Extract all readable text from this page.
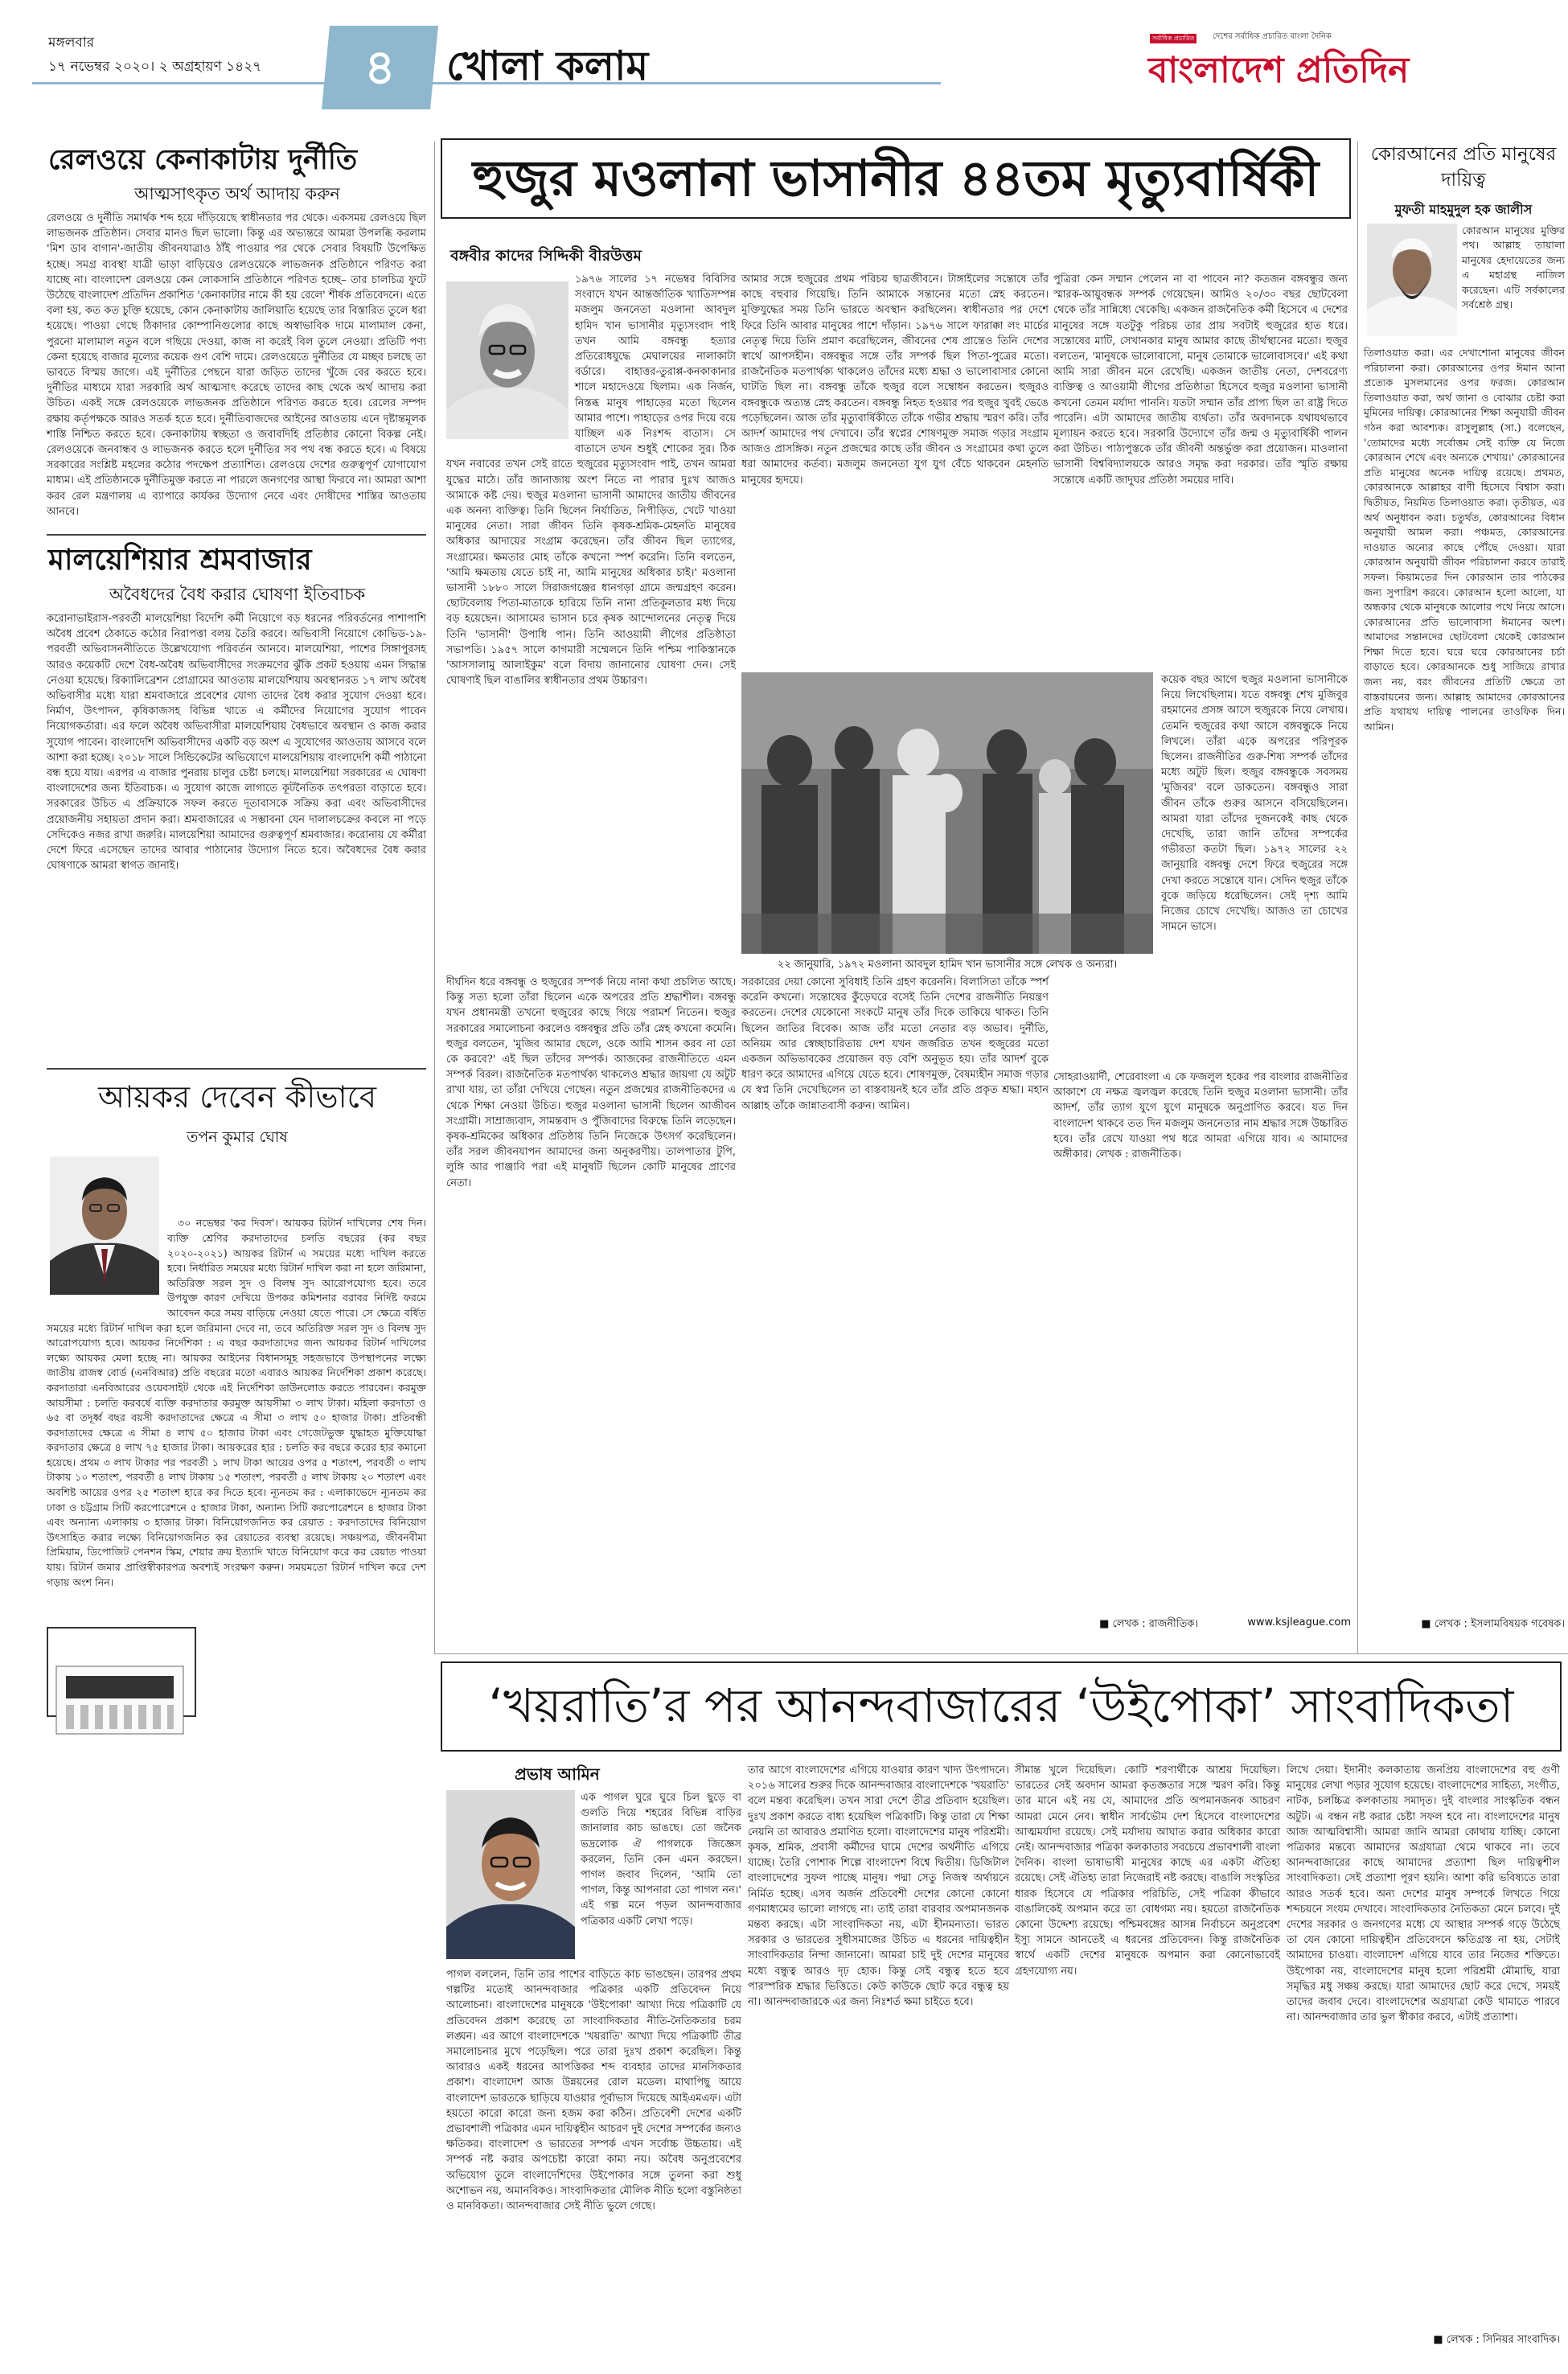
মঙ্গলবার
১৭ নভেম্বর ২০২০। ২ অগ্রহায়ণ ১৪২৭	৪	খোলা কলাম
সর্বাধিক প্রচারিত	দেশের সর্বাধিক প্রচারিত বাংলা দৈনিক
বাংলাদেশ প্রতিদিন
রেলওয়ে কেনাকাটায় দুর্নীতি
আত্মসাৎকৃত অর্থ আদায় করুন
রেলওয়ে ও দুর্নীতি সমার্থক শব্দ হয়ে দাঁড়িয়েছে স্বাধীনতার পর থেকে। একসময় রেলওয়ে ছিল লাভজনক প্রতিষ্ঠান। সেবার মানও ছিল ভালো। কিন্তু এর অভ্যন্তরে আমরা উপলব্ধি করলাম 'মিশ ডাব বাগান'-জাতীয় জীবনযাত্রাও ঠাঁই পাওয়ার পর থেকে সেবার বিষয়টি উপেক্ষিত হচ্ছে। সমগ্র ব্যবস্থা যাত্রী ভাড়া বাড়িয়েও রেলওয়েকে লাভজনক প্রতিষ্ঠানে পরিণত করা যাচ্ছে না। বাংলাদেশ রেলওয়ে কেন লোকসানি প্রতিষ্ঠানে পরিণত হচ্ছে– তার চালচিত্র ফুটে উঠেছে বাংলাদেশ প্রতিদিন প্রকাশিত 'কেনাকাটার নামে কী হয় রেলে' শীর্ষক প্রতিবেদনে। এতে বলা হয়, কত কত চুক্তি হয়েছে, কোন কেনাকাটায় জালিয়াতি হয়েছে তার বিস্তারিত তুলে ধরা হয়েছে। পাওয়া গেছে ঠিকাদার কোম্পানিগুলোর কাছে অস্বাভাবিক দামে মালামাল কেনা, পুরনো মালামাল নতুন বলে গছিয়ে দেওয়া, কাজ না করেই বিল তুলে নেওয়া। প্রতিটি পণ্য কেনা হয়েছে বাজার মূল্যের কয়েক গুণ বেশি দামে। রেলওয়েতে দুর্নীতির যে মচ্ছব চলছে তা ভাবতে বিস্ময় জাগে। এই দুর্নীতির পেছনে যারা জড়িত তাদের খুঁজে বের করতে হবে। দুর্নীতির মাধ্যমে যারা সরকারি অর্থ আত্মসাৎ করেছে তাদের কাছ থেকে অর্থ আদায় করা উচিত। একই সঙ্গে রেলওয়েকে লাভজনক প্রতিষ্ঠানে পরিণত করতে হবে। রেলের সম্পদ রক্ষায় কর্তৃপক্ষকে আরও সতর্ক হতে হবে। দুর্নীতিবাজদের আইনের আওতায় এনে দৃষ্টান্তমূলক শাস্তি নিশ্চিত করতে হবে। কেনাকাটায় স্বচ্ছতা ও জবাবদিহি প্রতিষ্ঠার কোনো বিকল্প নেই। রেলওয়েকে জনবান্ধব ও লাভজনক করতে হলে দুর্নীতির সব পথ বন্ধ করতে হবে। এ বিষয়ে সরকারের সংশ্লিষ্ট মহলের কঠোর পদক্ষেপ প্রত্যাশিত। রেলওয়ে দেশের গুরুত্বপূর্ণ যোগাযোগ মাধ্যম। এই প্রতিষ্ঠানকে দুর্নীতিমুক্ত করতে না পারলে জনগণের আস্থা ফিরবে না। আমরা আশা করব রেল মন্ত্রণালয় এ ব্যাপারে কার্যকর উদ্যোগ নেবে এবং দোষীদের শাস্তির আওতায় আনবে।
মালয়েশিয়ার শ্রমবাজার
অবৈধদের বৈধ করার ঘোষণা ইতিবাচক
করোনাভাইরাস-পরবর্তী মালয়েশিয়া বিদেশি কর্মী নিয়োগে বড় ধরনের পরিবর্তনের পাশাপাশি অবৈধ প্রবেশ ঠেকাতে কঠোর নিরাপত্তা বলয় তৈরি করবে। অভিবাসী নিয়োগে কোভিড-১৯-পরবর্তী অভিবাসননীতিতে উল্লেখযোগ্য পরিবর্তন আনবে। মালয়েশিয়া, পাশের সিঙ্গাপুরসহ আরও কয়েকটি দেশে বৈধ-অবৈধ অভিবাসীদের সংক্রমণের ঝুঁকি প্রকট হওয়ায় এমন সিদ্ধান্ত নেওয়া হয়েছে। রিক্যালিব্রেশন প্রোগ্রামের আওতায় মালয়েশিয়ায় অবস্থানরত ১৭ লাখ অবৈধ অভিবাসীর মধ্যে যারা শ্রমবাজারে প্রবেশের যোগ্য তাদের বৈধ করার সুযোগ দেওয়া হবে। নির্মাণ, উৎপাদন, কৃষিকাজসহ বিভিন্ন খাতে এ কর্মীদের নিয়োগের সুযোগ পাবেন নিয়োগকর্তারা। এর ফলে অবৈধ অভিবাসীরা মালয়েশিয়ায় বৈধভাবে অবস্থান ও কাজ করার সুযোগ পাবেন। বাংলাদেশি অভিবাসীদের একটি বড় অংশ এ সুযোগের আওতায় আসবে বলে আশা করা হচ্ছে। ২০১৮ সালে সিন্ডিকেটের অভিযোগে মালয়েশিয়ায় বাংলাদেশি কর্মী পাঠানো বন্ধ হয়ে যায়। এরপর এ বাজার পুনরায় চালুর চেষ্টা চলছে। মালয়েশিয়া সরকারের এ ঘোষণা বাংলাদেশের জন্য ইতিবাচক। এ সুযোগ কাজে লাগাতে কূটনৈতিক তৎপরতা বাড়াতে হবে। সরকারের উচিত এ প্রক্রিয়াকে সফল করতে দূতাবাসকে সক্রিয় করা এবং অভিবাসীদের প্রয়োজনীয় সহায়তা প্রদান করা। শ্রমবাজারের এ সম্ভাবনা যেন দালালচক্রের কবলে না পড়ে সেদিকেও নজর রাখা জরুরি। মালয়েশিয়া আমাদের গুরুত্বপূর্ণ শ্রমবাজার। করোনায় যে কর্মীরা দেশে ফিরে এসেছেন তাদের আবার পাঠানোর উদ্যোগ নিতে হবে। অবৈধদের বৈধ করার ঘোষণাকে আমরা স্বাগত জানাই।
আয়কর দেবেন কীভাবে
তপন কুমার ঘোষ

আয়কর ভবন

৩০ নভেম্বর 'কর দিবস'। আয়কর রিটার্ন দাখিলের শেষ দিন। ব্যক্তি শ্রেণির করদাতাদের চলতি বছরের (কর বছর ২০২০-২০২১) আয়কর রিটার্ন এ সময়ের মধ্যে দাখিল করতে হবে। নির্ধারিত সময়ের মধ্যে রিটার্ন দাখিল করা না হলে জরিমানা, অতিরিক্ত সরল সুদ ও বিলম্ব সুদ আরোপযোগ্য হবে। তবে উপযুক্ত কারণ দেখিয়ে উপকর কমিশনার বরাবর নির্দিষ্ট ফরমে আবেদন করে সময় বাড়িয়ে নেওয়া যেতে পারে। সে ক্ষেত্রে বর্ধিত সময়ের মধ্যে রিটার্ন দাখিল করা হলে জরিমানা দেবে না, তবে অতিরিক্ত সরল সুদ ও বিলম্ব সুদ আরোপযোগ্য হবে। আয়কর নির্দেশিকা : এ বছর করদাতাদের জন্য আয়কর রিটার্ন দাখিলের লক্ষ্যে আয়কর মেলা হচ্ছে না। আয়কর আইনের বিধানসমূহ সহজভাবে উপস্থাপনের লক্ষ্যে জাতীয় রাজস্ব বোর্ড (এনবিআর) প্রতি বছরের মতো এবারও আয়কর নির্দেশিকা প্রকাশ করেছে। করদাতারা এনবিআরের ওয়েবসাইট থেকে এই নির্দেশিকা ডাউনলোড করতে পারবেন। করমুক্ত আয়সীমা : চলতি করবর্ষে ব্যক্তি করদাতার করমুক্ত আয়সীমা ৩ লাখ টাকা। মহিলা করদাতা ও ৬৫ বা তদূর্ধ্ব বছর বয়সী করদাতাদের ক্ষেত্রে এ সীমা ৩ লাখ ৫০ হাজার টাকা। প্রতিবন্ধী করদাতাদের ক্ষেত্রে এ সীমা ৪ লাখ ৫০ হাজার টাকা এবং গেজেটভুক্ত যুদ্ধাহত মুক্তিযোদ্ধা করদাতার ক্ষেত্রে ৪ লাখ ৭৫ হাজার টাকা। আয়করের হার : চলতি কর বছরে করের হার কমানো হয়েছে। প্রথম ৩ লাখ টাকার পর পরবর্তী ১ লাখ টাকা আয়ের ওপর ৫ শতাংশ, পরবর্তী ৩ লাখ টাকায় ১০ শতাংশ, পরবর্তী ৪ লাখ টাকায় ১৫ শতাংশ, পরবর্তী ৫ লাখ টাকায় ২০ শতাংশ এবং অবশিষ্ট আয়ের ওপর ২৫ শতাংশ হারে কর দিতে হবে। ন্যূনতম কর : এলাকাভেদে ন্যূনতম কর ঢাকা ও চট্টগ্রাম সিটি করপোরেশনে ৫ হাজার টাকা, অন্যান্য সিটি করপোরেশনে ৪ হাজার টাকা এবং অন্যান্য এলাকায় ৩ হাজার টাকা। বিনিয়োগজনিত কর রেয়াত : করদাতাদের বিনিয়োগ উৎসাহিত করার লক্ষ্যে বিনিয়োগজনিত কর রেয়াতের ব্যবস্থা রয়েছে। সঞ্চয়পত্র, জীবনবীমা প্রিমিয়াম, ডিপোজিট পেনশন স্কিম, শেয়ার ক্রয় ইত্যাদি খাতে বিনিয়োগ করে কর রেয়াত পাওয়া যায়। রিটার্ন জমার প্রাপ্তিস্বীকারপত্র অবশ্যই সংরক্ষণ করুন। সময়মতো রিটার্ন দাখিল করে দেশ গড়ায় অংশ নিন।

হুজুর মওলানা ভাসানীর ৪৪তম মৃত্যুবার্ষিকী
বঙ্গবীর কাদের সিদ্দিকী বীরউত্তম
১৯৭৬ সালের ১৭ নভেম্বর বিবিসির সংবাদে যখন আন্তর্জাতিক খ্যাতিসম্পন্ন মজলুম জননেতা মওলানা আবদুল হামিদ খান ভাসানীর মৃত্যুসংবাদ পাই তখন আমি বঙ্গবন্ধু হত্যার প্রতিরোধযুদ্ধে মেঘালয়ের নালাকাটা বর্ডারে। বাহাত্তর-তুরাপ্প-কনকাকানার শালে মহাদেওয়ে ছিলাম। এক নির্জন, নিস্তব্ধ মানুষ পাহাড়ের মতো ছিলেন আমার পাশে। পাহাড়ের ওপর দিয়ে বয়ে যাচ্ছিল এক নিঃশব্দ বাতাস। সে বাতাসে তখন শুধুই শোকের সুর। ঠিক যখন নবাবের তখন সেই রাতে হুজুরের মৃত্যুসংবাদ পাই, তখন আমরা যুদ্ধের মাঠে। তাঁর জানাজায় অংশ নিতে না পারার দুঃখ আজও আমাকে কষ্ট দেয়। হুজুর মওলানা ভাসানী আমাদের জাতীয় জীবনের এক অনন্য ব্যক্তিত্ব। তিনি ছিলেন নির্যাতিত, নিপীড়িত, খেটে খাওয়া মানুষের নেতা। সারা জীবন তিনি কৃষক-শ্রমিক-মেহনতি মানুষের অধিকার আদায়ের সংগ্রাম করেছেন। তাঁর জীবন ছিল ত্যাগের, সংগ্রামের। ক্ষমতার মোহ তাঁকে কখনো স্পর্শ করেনি। তিনি বলতেন, 'আমি ক্ষমতায় যেতে চাই না, আমি মানুষের অধিকার চাই।' মওলানা ভাসানী ১৮৮০ সালে সিরাজগঞ্জের ধানগড়া গ্রামে জন্মগ্রহণ করেন। ছোটবেলায় পিতা-মাতাকে হারিয়ে তিনি নানা প্রতিকূলতার মধ্য দিয়ে বড় হয়েছেন। আসামের ভাসান চরে কৃষক আন্দোলনের নেতৃত্ব দিয়ে তিনি 'ভাসানী' উপাধি পান। তিনি আওয়ামী লীগের প্রতিষ্ঠাতা সভাপতি। ১৯৫৭ সালে কাগমারী সম্মেলনে তিনি পশ্চিম পাকিস্তানকে 'আসসালামু আলাইকুম' বলে বিদায় জানানোর ঘোষণা দেন। সেই ঘোষণাই ছিল বাঙালির স্বাধীনতার প্রথম উচ্চারণ।
আমার সঙ্গে হুজুরের প্রথম পরিচয় ছাত্রজীবনে। টাঙ্গাইলের সন্তোষে তাঁর কাছে বহুবার গিয়েছি। তিনি আমাকে সন্তানের মতো স্নেহ করতেন। মুক্তিযুদ্ধের সময় তিনি ভারতে অবস্থান করছিলেন। স্বাধীনতার পর দেশে ফিরে তিনি আবার মানুষের পাশে দাঁড়ান। ১৯৭৬ সালে ফারাক্কা লং মার্চের নেতৃত্ব দিয়ে তিনি প্রমাণ করেছিলেন, জীবনের শেষ প্রান্তেও তিনি দেশের স্বার্থে আপসহীন। বঙ্গবন্ধুর সঙ্গে তাঁর সম্পর্ক ছিল পিতা-পুত্রের মতো। রাজনৈতিক মতপার্থক্য থাকলেও তাঁদের মধ্যে শ্রদ্ধা ও ভালোবাসার কোনো ঘাটতি ছিল না। বঙ্গবন্ধু তাঁকে হুজুর বলে সম্বোধন করতেন। হুজুরও বঙ্গবন্ধুকে অত্যন্ত স্নেহ করতেন। বঙ্গবন্ধু নিহত হওয়ার পর হুজুর খুবই ভেঙে পড়েছিলেন। আজ তাঁর মৃত্যুবার্ষিকীতে তাঁকে গভীর শ্রদ্ধায় স্মরণ করি। তাঁর আদর্শ আমাদের পথ দেখাবে। তাঁর স্বপ্নের শোষণমুক্ত সমাজ গড়ার সংগ্রাম আজও প্রাসঙ্গিক। নতুন প্রজন্মের কাছে তাঁর জীবন ও সংগ্রামের কথা তুলে ধরা আমাদের কর্তব্য। মজলুম জননেতা যুগ যুগ বেঁচে থাকবেন মেহনতি মানুষের হৃদয়ে।
পুত্রিরা কেন সম্মান পেলেন না বা পাবেন না? কতজন বঙ্গবন্ধুর জন্য স্মারক-আয়ুবন্ধক সম্পর্ক গেয়েছেন। আমিও ২০/৩০ বছর ছোটবেলা থেকে তাঁর সান্নিধ্যে থেকেছি। একজন রাজনৈতিক কর্মী হিসেবে এ দেশের মানুষের সঙ্গে যতটুকু পরিচয় তার প্রায় সবটাই হুজুরের হাত ধরে। সন্তোষের মাটি, সেখানকার মানুষ আমার কাছে তীর্থস্থানের মতো। হুজুর বলতেন, 'মানুষকে ভালোবাসো, মানুষ তোমাকে ভালোবাসবে।' এই কথা আমি সারা জীবন মনে রেখেছি। একজন জাতীয় নেতা, দেশবরেণ্য ব্যক্তিত্ব ও আওয়ামী লীগের প্রতিষ্ঠাতা হিসেবে হুজুর মওলানা ভাসানী কখনো তেমন মর্যাদা পাননি। যতটা সম্মান তাঁর প্রাপ্য ছিল তা রাষ্ট্র দিতে পারেনি। এটা আমাদের জাতীয় ব্যর্থতা। তাঁর অবদানকে যথাযথভাবে মূল্যায়ন করতে হবে। সরকারি উদ্যোগে তাঁর জন্ম ও মৃত্যুবার্ষিকী পালন করা উচিত। পাঠ্যপুস্তকে তাঁর জীবনী অন্তর্ভুক্ত করা প্রয়োজন। মাওলানা ভাসানী বিশ্ববিদ্যালয়কে আরও সমৃদ্ধ করা দরকার। তাঁর স্মৃতি রক্ষায় সন্তোষে একটি জাদুঘর প্রতিষ্ঠা সময়ের দাবি।
২২ জানুয়ারি, ১৯৭২ মওলানা আবদুল হামিদ খান ভাসানীর সঙ্গে লেখক ও অন্যরা।
কয়েক বছর আগে হুজুর মওলানা ভাসানীকে নিয়ে লিখেছিলাম। যতে বঙ্গবন্ধু শেখ মুজিবুর রহমানের প্রসঙ্গ আসে হুজুরকে নিয়ে লেখায়। তেমনি হুজুরের কথা আসে বঙ্গবন্ধুকে নিয়ে লিখলে। তাঁরা একে অপরের পরিপূরক ছিলেন। রাজনীতির গুরু-শিষ্য সম্পর্ক তাঁদের মধ্যে অটুট ছিল। হুজুর বঙ্গবন্ধুকে সবসময় 'মুজিবর' বলে ডাকতেন। বঙ্গবন্ধুও সারা জীবন তাঁকে গুরুর আসনে বসিয়েছিলেন। আমরা যারা তাঁদের দুজনকেই কাছ থেকে দেখেছি, তারা জানি তাঁদের সম্পর্কের গভীরতা কতটা ছিল। ১৯৭২ সালের ২২ জানুয়ারি বঙ্গবন্ধু দেশে ফিরে হুজুরের সঙ্গে দেখা করতে সন্তোষে যান। সেদিন হুজুর তাঁকে বুকে জড়িয়ে ধরেছিলেন। সেই দৃশ্য আমি নিজের চোখে দেখেছি। আজও তা চোখের সামনে ভাসে।
দীর্ঘদিন ধরে বঙ্গবন্ধু ও হুজুরের সম্পর্ক নিয়ে নানা কথা প্রচলিত আছে। কিন্তু সত্য হলো তাঁরা ছিলেন একে অপরের প্রতি শ্রদ্ধাশীল। বঙ্গবন্ধু যখন প্রধানমন্ত্রী তখনো হুজুরের কাছে গিয়ে পরামর্শ নিতেন। হুজুর সরকারের সমালোচনা করলেও বঙ্গবন্ধুর প্রতি তাঁর স্নেহ কখনো কমেনি। হুজুর বলতেন, 'মুজিব আমার ছেলে, ওকে আমি শাসন করব না তো কে করবে?' এই ছিল তাঁদের সম্পর্ক। আজকের রাজনীতিতে এমন সম্পর্ক বিরল। রাজনৈতিক মতপার্থক্য থাকলেও শ্রদ্ধার জায়গা যে অটুট রাখা যায়, তা তাঁরা দেখিয়ে গেছেন। নতুন প্রজন্মের রাজনীতিকদের এ থেকে শিক্ষা নেওয়া উচিত। হুজুর মওলানা ভাসানী ছিলেন আজীবন সংগ্রামী। সাম্রাজ্যবাদ, সামন্তবাদ ও পুঁজিবাদের বিরুদ্ধে তিনি লড়েছেন। কৃষক-শ্রমিকের অধিকার প্রতিষ্ঠায় তিনি নিজেকে উৎসর্গ করেছিলেন। তাঁর সরল জীবনযাপন আমাদের জন্য অনুকরণীয়। তালপাতার টুপি, লুঙ্গি আর পাঞ্জাবি পরা এই মানুষটি ছিলেন কোটি মানুষের প্রাণের নেতা।
সরকারের দেয়া কোনো সুবিধাই তিনি গ্রহণ করেননি। বিলাসিতা তাঁকে স্পর্শ করেনি কখনো। সন্তোষের কুঁড়েঘরে বসেই তিনি দেশের রাজনীতি নিয়ন্ত্রণ করতেন। দেশের যেকোনো সংকটে মানুষ তাঁর দিকে তাকিয়ে থাকত। তিনি ছিলেন জাতির বিবেক। আজ তাঁর মতো নেতার বড় অভাব। দুর্নীতি, অনিয়ম আর স্বেচ্ছাচারিতায় দেশ যখন জর্জরিত তখন হুজুরের মতো একজন অভিভাবকের প্রয়োজন বড় বেশি অনুভূত হয়। তাঁর আদর্শ বুকে ধারণ করে আমাদের এগিয়ে যেতে হবে। শোষণমুক্ত, বৈষম্যহীন সমাজ গড়ার যে স্বপ্ন তিনি দেখেছিলেন তা বাস্তবায়নই হবে তাঁর প্রতি প্রকৃত শ্রদ্ধা। মহান আল্লাহ তাঁকে জান্নাতবাসী করুন। আমিন।
সোহরাওয়ার্দী, শেরেবাংলা এ কে ফজলুল হকের পর বাংলার রাজনীতির আকাশে যে নক্ষত্র জ্বলজ্বল করেছে তিনি হুজুর মওলানা ভাসানী। তাঁর আদর্শ, তাঁর ত্যাগ যুগে যুগে মানুষকে অনুপ্রাণিত করবে। যত দিন বাংলাদেশ থাকবে তত দিন মজলুম জননেতার নাম শ্রদ্ধার সঙ্গে উচ্চারিত হবে। তাঁর রেখে যাওয়া পথ ধরে আমরা এগিয়ে যাব। এ আমাদের অঙ্গীকার। লেখক : রাজনীতিক।
■ লেখক : রাজনীতিক।	www.ksjleague.com
কোরআনের প্রতি মানুষের দায়িত্ব
মুফতী মাহমুদুল হক জালীস
কোরআন মানুষের মুক্তির পথ। আল্লাহ তায়ালা মানুষের হেদায়েতের জন্য এ মহাগ্রন্থ নাজিল করেছেন। এটি সর্বকালের সর্বশ্রেষ্ঠ গ্রন্থ।
তিলাওয়াত করা। এর দেখাশোনা মানুষের জীবন পরিচালনা করা। কোরআনের ওপর ঈমান আনা প্রত্যেক মুসলমানের ওপর ফরজ। কোরআন তিলাওয়াত করা, অর্থ জানা ও বোঝার চেষ্টা করা মুমিনের দায়িত্ব। কোরআনের শিক্ষা অনুযায়ী জীবন গঠন করা আবশ্যক। রাসুলুল্লাহ (সা.) বলেছেন, 'তোমাদের মধ্যে সর্বোত্তম সেই ব্যক্তি যে নিজে কোরআন শেখে এবং অন্যকে শেখায়।' কোরআনের প্রতি মানুষের অনেক দায়িত্ব রয়েছে। প্রথমত, কোরআনকে আল্লাহর বাণী হিসেবে বিশ্বাস করা। দ্বিতীয়ত, নিয়মিত তিলাওয়াত করা। তৃতীয়ত, এর অর্থ অনুধাবন করা। চতুর্থত, কোরআনের বিধান অনুযায়ী আমল করা। পঞ্চমত, কোরআনের দাওয়াত অন্যের কাছে পৌঁছে দেওয়া। যারা কোরআন অনুযায়ী জীবন পরিচালনা করবে তারাই সফল। কিয়ামতের দিন কোরআন তার পাঠকের জন্য সুপারিশ করবে। কোরআন হলো আলো, যা অন্ধকার থেকে মানুষকে আলোর পথে নিয়ে আসে। কোরআনের প্রতি ভালোবাসা ঈমানের অংশ। আমাদের সন্তানদের ছোটবেলা থেকেই কোরআন শিক্ষা দিতে হবে। ঘরে ঘরে কোরআনের চর্চা বাড়াতে হবে। কোরআনকে শুধু সাজিয়ে রাখার জন্য নয়, বরং জীবনের প্রতিটি ক্ষেত্রে তা বাস্তবায়নের জন্য। আল্লাহ আমাদের কোরআনের প্রতি যথাযথ দায়িত্ব পালনের তাওফিক দিন। আমিন।
■ লেখক : ইসলামবিষয়ক গবেষক।
‘খয়রাতি’র পর আনন্দবাজারের ‘উইপোকা’ সাংবাদিকতা
প্রভাষ আমিন
এক পাগল ঘুরে ঘুরে চিল ছুড়ে বা গুলতি দিয়ে শহরের বিভিন্ন বাড়ির জানালার কাচ ভাঙছে। তো জনৈক ভদ্রলোক ঐ পাগলকে জিজ্ঞেস করলেন, তিনি কেন এমন করছেন। পাগল জবাব দিলেন, 'আমি তো পাগল, কিন্তু আপনারা তো পাগল নন।' এই গল্প মনে পড়ল আনন্দবাজার পত্রিকার একটি লেখা পড়ে।
পাগল বললেন, তিনি তার পাশের বাড়িতে কাচ ভাঙছেন। তারপর প্রথম গল্পটির মতোই আনন্দবাজার পত্রিকার একটি প্রতিবেদন নিয়ে আলোচনা। বাংলাদেশের মানুষকে 'উইপোকা' আখ্যা দিয়ে পত্রিকাটি যে প্রতিবেদন প্রকাশ করেছে তা সাংবাদিকতার নীতি-নৈতিকতার চরম লঙ্ঘন। এর আগে বাংলাদেশকে 'খয়রাতি' আখ্যা দিয়ে পত্রিকাটি তীব্র সমালোচনার মুখে পড়েছিল। পরে তারা দুঃখ প্রকাশ করেছিল। কিন্তু আবারও একই ধরনের আপত্তিকর শব্দ ব্যবহার তাদের মানসিকতার প্রকাশ। বাংলাদেশ আজ উন্নয়নের রোল মডেল। মাথাপিছু আয়ে বাংলাদেশ ভারতকে ছাড়িয়ে যাওয়ার পূর্বাভাস দিয়েছে আইএমএফ। এটা হয়তো কারো কারো জন্য হজম করা কঠিন। প্রতিবেশী দেশের একটি প্রভাবশালী পত্রিকার এমন দায়িত্বহীন আচরণ দুই দেশের সম্পর্কের জন্যও ক্ষতিকর। বাংলাদেশ ও ভারতের সম্পর্ক এখন সর্বোচ্চ উচ্চতায়। এই সম্পর্ক নষ্ট করার অপচেষ্টা কারো কাম্য নয়। অবৈধ অনুপ্রবেশের অভিযোগ তুলে বাংলাদেশিদের উইপোকার সঙ্গে তুলনা করা শুধু অশোভন নয়, অমানবিকও। সাংবাদিকতার মৌলিক নীতি হলো বস্তুনিষ্ঠতা ও মানবিকতা। আনন্দবাজার সেই নীতি ভুলে গেছে।
তার আগে বাংলাদেশের এগিয়ে যাওয়ার কারণ খাদ্য উৎপাদনে। ২০১৬ সালের শুরুর দিকে আনন্দবাজার বাংলাদেশকে 'খয়রাতি' বলে মন্তব্য করেছিল। তখন সারা দেশে তীব্র প্রতিবাদ হয়েছিল। দুঃখ প্রকাশ করতে বাধ্য হয়েছিল পত্রিকাটি। কিন্তু তারা যে শিক্ষা নেয়নি তা আবারও প্রমাণিত হলো। বাংলাদেশের মানুষ পরিশ্রমী। কৃষক, শ্রমিক, প্রবাসী কর্মীদের ঘামে দেশের অর্থনীতি এগিয়ে যাচ্ছে। তৈরি পোশাক শিল্পে বাংলাদেশ বিশ্বে দ্বিতীয়। ডিজিটাল বাংলাদেশের সুফল পাচ্ছে মানুষ। পদ্মা সেতু নিজস্ব অর্থায়নে নির্মিত হচ্ছে। এসব অর্জন প্রতিবেশী দেশের কোনো কোনো গণমাধ্যমের ভালো লাগছে না। তাই তারা বারবার অপমানজনক মন্তব্য করছে। এটা সাংবাদিকতা নয়, এটা হীনমন্যতা। ভারত সরকার ও ভারতের সুধীসমাজের উচিত এ ধরনের দায়িত্বহীন সাংবাদিকতার নিন্দা জানানো। আমরা চাই দুই দেশের মানুষের মধ্যে বন্ধুত্ব আরও দৃঢ় হোক। কিন্তু সেই বন্ধুত্ব হতে হবে পারস্পরিক শ্রদ্ধার ভিত্তিতে। কেউ কাউকে ছোট করে বন্ধুত্ব হয় না। আনন্দবাজারকে এর জন্য নিঃশর্ত ক্ষমা চাইতে হবে।
সীমান্ত খুলে দিয়েছিল। কোটি শরণার্থীকে আশ্রয় দিয়েছিল। ভারতের সেই অবদান আমরা কৃতজ্ঞতার সঙ্গে স্মরণ করি। কিন্তু তার মানে এই নয় যে, আমাদের প্রতি অপমানজনক আচরণ আমরা মেনে নেব। স্বাধীন সার্বভৌম দেশ হিসেবে বাংলাদেশের আত্মমর্যাদা রয়েছে। সেই মর্যাদায় আঘাত করার অধিকার কারো নেই। আনন্দবাজার পত্রিকা কলকাতার সবচেয়ে প্রভাবশালী বাংলা দৈনিক। বাংলা ভাষাভাষী মানুষের কাছে এর একটা ঐতিহ্য রয়েছে। সেই ঐতিহ্য তারা নিজেরাই নষ্ট করছে। বাঙালি সংস্কৃতির ধারক হিসেবে যে পত্রিকার পরিচিতি, সেই পত্রিকা কীভাবে বাঙালিকেই অপমান করে তা বোধগম্য নয়। হয়তো রাজনৈতিক কোনো উদ্দেশ্য রয়েছে। পশ্চিমবঙ্গের আসন্ন নির্বাচনে অনুপ্রবেশ ইস্যু সামনে আনতেই এ ধরনের প্রতিবেদন। কিন্তু রাজনৈতিক স্বার্থে একটি দেশের মানুষকে অপমান করা কোনোভাবেই গ্রহণযোগ্য নয়।
লিখে দেয়া। ইদানীং কলকাতায় জনপ্রিয় বাংলাদেশের বহু গুণী মানুষের লেখা পড়ার সুযোগ হয়েছে। বাংলাদেশের সাহিত্য, সংগীত, নাটক, চলচ্চিত্র কলকাতায় সমাদৃত। দুই বাংলার সাংস্কৃতিক বন্ধন অটুট। এ বন্ধন নষ্ট করার চেষ্টা সফল হবে না। বাংলাদেশের মানুষ আজ আত্মবিশ্বাসী। আমরা জানি আমরা কোথায় যাচ্ছি। কোনো পত্রিকার মন্তব্যে আমাদের অগ্রযাত্রা থেমে থাকবে না। তবে আনন্দবাজারের কাছে আমাদের প্রত্যাশা ছিল দায়িত্বশীল সাংবাদিকতা। সেই প্রত্যাশা পূরণ হয়নি। আশা করি ভবিষ্যতে তারা আরও সতর্ক হবে। অন্য দেশের মানুষ সম্পর্কে লিখতে গিয়ে শব্দচয়নে সংযম দেখাবে। সাংবাদিকতার নৈতিকতা মেনে চলবে। দুই দেশের সরকার ও জনগণের মধ্যে যে আস্থার সম্পর্ক গড়ে উঠেছে তা যেন কোনো দায়িত্বহীন প্রতিবেদনে ক্ষতিগ্রস্ত না হয়, সেটাই আমাদের চাওয়া। বাংলাদেশ এগিয়ে যাবে তার নিজের শক্তিতে। উইপোকা নয়, বাংলাদেশের মানুষ হলো পরিশ্রমী মৌমাছি, যারা সমৃদ্ধির মধু সঞ্চয় করছে। যারা আমাদের ছোট করে দেখে, সময়ই তাদের জবাব দেবে। বাংলাদেশের অগ্রযাত্রা কেউ থামাতে পারবে না। আনন্দবাজার তার ভুল স্বীকার করবে, এটাই প্রত্যাশা।
■ লেখক : সিনিয়র সাংবাদিক।
